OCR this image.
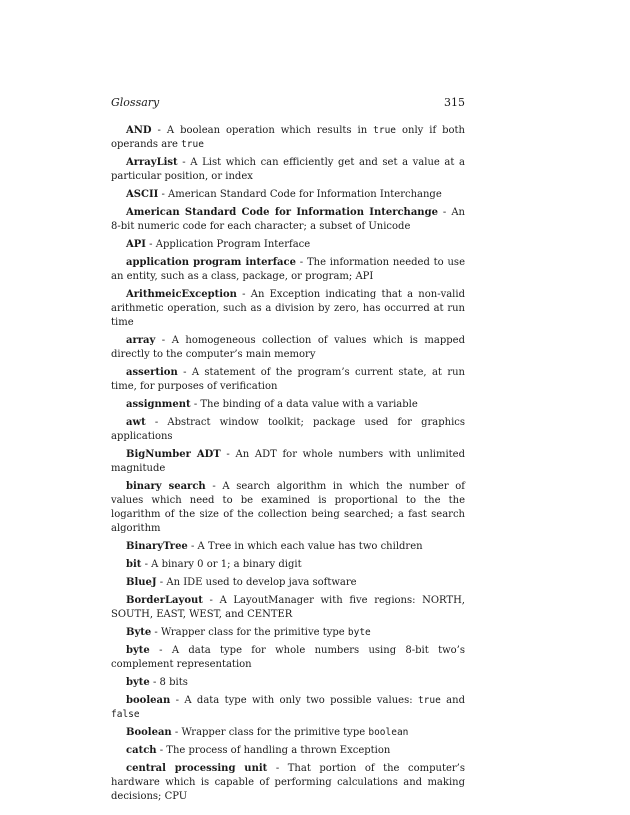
Glossary	315

AND - A boolean operation which results in true only if both operands are true

ArrayList - A List which can efficiently get and set a value at a particular position, or index

ASCII - American Standard Code for Information Interchange

American Standard Code for Information Interchange - An 8-bit numeric code for each character; a subset of Unicode

API - Application Program Interface

application program interface - The information needed to use an entity, such as a class, package, or program; API

ArithmeicException - An Exception indicating that a non-valid arithmetic operation, such as a division by zero, has occurred at run time

array - A homogeneous collection of values which is mapped directly to the computer’s main memory

assertion - A statement of the program’s current state, at run time, for purposes of verification

assignment - The binding of a data value with a variable

awt - Abstract window toolkit; package used for graphics applications

BigNumber ADT - An ADT for whole numbers with unlimited magnitude

binary search - A search algorithm in which the number of values which need to be examined is proportional to the the logarithm of the size of the collection being searched; a fast search algorithm

BinaryTree - A Tree in which each value has two children

bit - A binary 0 or 1; a binary digit

BlueJ - An IDE used to develop java software

BorderLayout - A LayoutManager with five regions: NORTH, SOUTH, EAST, WEST, and CENTER

Byte - Wrapper class for the primitive type byte

byte - A data type for whole numbers using 8-bit two’s complement representation

byte - 8 bits

boolean - A data type with only two possible values: true and false

Boolean - Wrapper class for the primitive type boolean

catch - The process of handling a thrown Exception

central processing unit - That portion of the computer’s hardware which is capable of performing calculations and making decisions; CPU
